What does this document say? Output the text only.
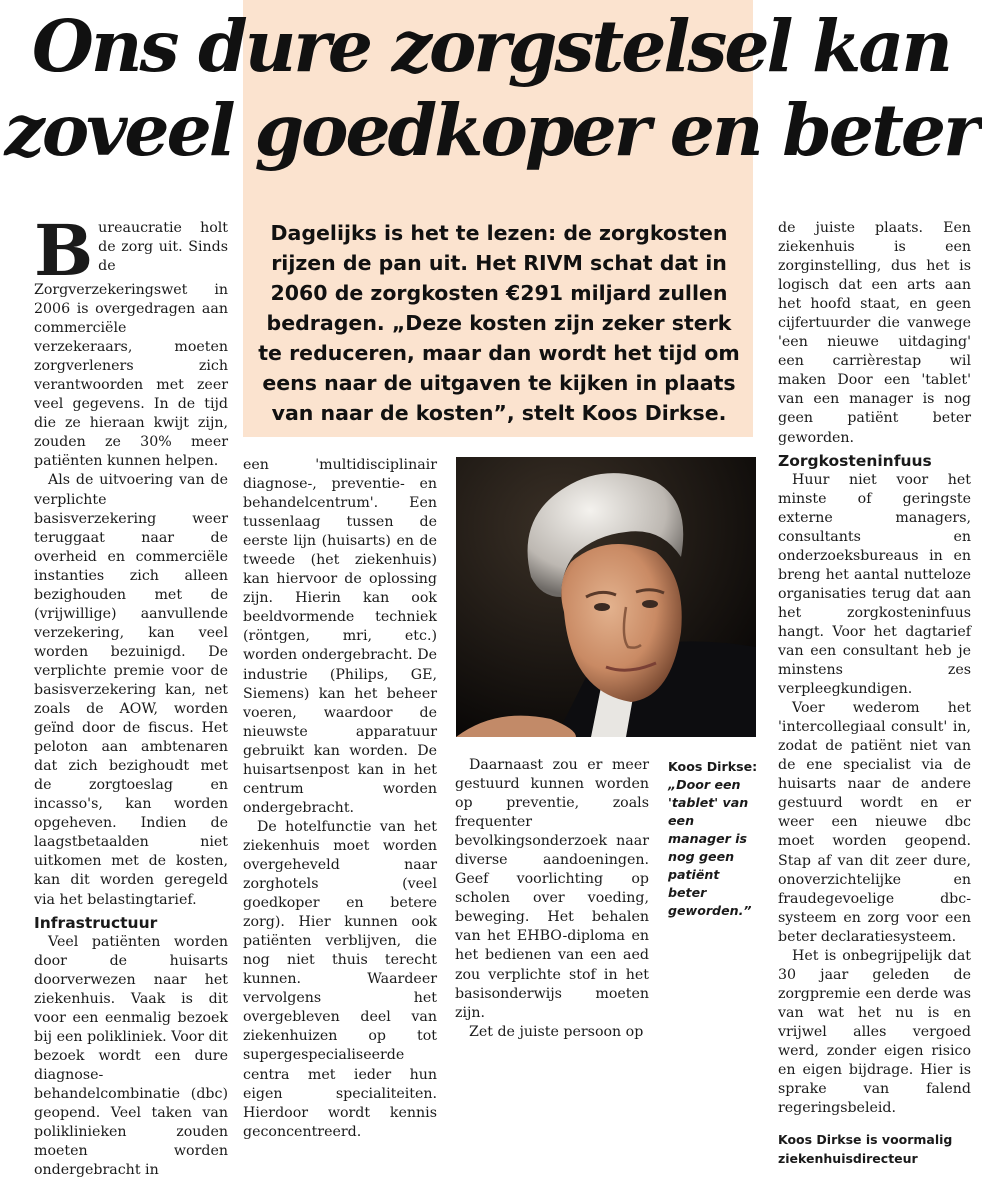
Ons dure zorgstelsel kan
zoveel goedkoper en beter

Dagelijks is het te lezen: de zorgkosten rijzen de pan uit. Het RIVM schat dat in 2060 de zorgkosten €291 miljard zullen bedragen. „Deze kosten zijn zeker sterk te reduceren, maar dan wordt het tijd om eens naar de uitgaven te kijken in plaats van naar de kosten”, stelt Koos Dirkse.

Bureaucratie holt de zorg uit. Sinds de Zorgverzekeringswet in 2006 is overgedragen aan commerciële verzekeraars, moeten zorgverleners zich verantwoorden met zeer veel gegevens. In de tijd die ze hieraan kwijt zijn, zouden ze 30% meer patiënten kunnen helpen.

Als de uitvoering van de verplichte basisverzekering weer teruggaat naar de overheid en commerciële instanties zich alleen bezighouden met de (vrijwillige) aanvullende verzekering, kan veel worden bezuinigd. De verplichte premie voor de basisverzekering kan, net zoals de AOW, worden geïnd door de fiscus. Het peloton aan ambtenaren dat zich bezighoudt met de zorgtoeslag en incasso's, kan worden opgeheven. Indien de laagstbetaalden niet uitkomen met de kosten, kan dit worden geregeld via het belastingtarief.

Infrastructuur

Veel patiënten worden door de huisarts doorverwezen naar het ziekenhuis. Vaak is dit voor een eenmalig bezoek bij een polikliniek. Voor dit bezoek wordt een dure diagnose-behandelcombinatie (dbc) geopend. Veel taken van poliklinieken zouden moeten worden ondergebracht in

een 'multidisciplinair diagnose-, preventie- en behandelcentrum'. Een tussenlaag tussen de eerste lijn (huisarts) en de tweede (het ziekenhuis) kan hiervoor de oplossing zijn. Hierin kan ook beeldvormende techniek (röntgen, mri, etc.) worden ondergebracht. De industrie (Philips, GE, Siemens) kan het beheer voeren, waardoor de nieuwste apparatuur gebruikt kan worden. De huisartsenpost kan in het centrum worden ondergebracht.

De hotelfunctie van het ziekenhuis moet worden overgeheveld naar zorghotels (veel goedkoper en betere zorg). Hier kunnen ook patiënten verblijven, die nog niet thuis terecht kunnen. Waardeer vervolgens het overgebleven deel van ziekenhuizen op tot supergespecialiseerde centra met ieder hun eigen specialiteiten. Hierdoor wordt kennis geconcentreerd.

Koos Dirkse:
„Door een 'tablet' van een manager is nog geen patiënt beter geworden.”

Daarnaast zou er meer gestuurd kunnen worden op preventie, zoals frequenter bevolkingsonderzoek naar diverse aandoeningen. Geef voorlichting op scholen over voeding, beweging. Het behalen van het EHBO-diploma en het bedienen van een aed zou verplichte stof in het basisonderwijs moeten zijn.

Zet de juiste persoon op

de juiste plaats. Een ziekenhuis is een zorginstelling, dus het is logisch dat een arts aan het hoofd staat, en geen cijfertuurder die vanwege 'een nieuwe uitdaging' een carrièrestap wil maken Door een 'tablet' van een manager is nog geen patiënt beter geworden.

Zorgkosteninfuus

Huur niet voor het minste of geringste externe managers, consultants en onderzoeksbureaus in en breng het aantal nutteloze organisaties terug dat aan het zorgkosteninfuus hangt. Voor het dagtarief van een consultant heb je minstens zes verpleegkundigen.

Voer wederom het 'intercollegiaal consult' in, zodat de patiënt niet van de ene specialist via de huisarts naar de andere gestuurd wordt en er weer een nieuwe dbc moet worden geopend. Stap af van dit zeer dure, onoverzichtelijke en fraudegevoelige dbc-systeem en zorg voor een beter declaratiesysteem.

Het is onbegrijpelijk dat 30 jaar geleden de zorgpremie een derde was van wat het nu is en vrijwel alles vergoed werd, zonder eigen risico en eigen bijdrage. Hier is sprake van falend regeringsbeleid.

Koos Dirkse is voormalig ziekenhuisdirecteur
